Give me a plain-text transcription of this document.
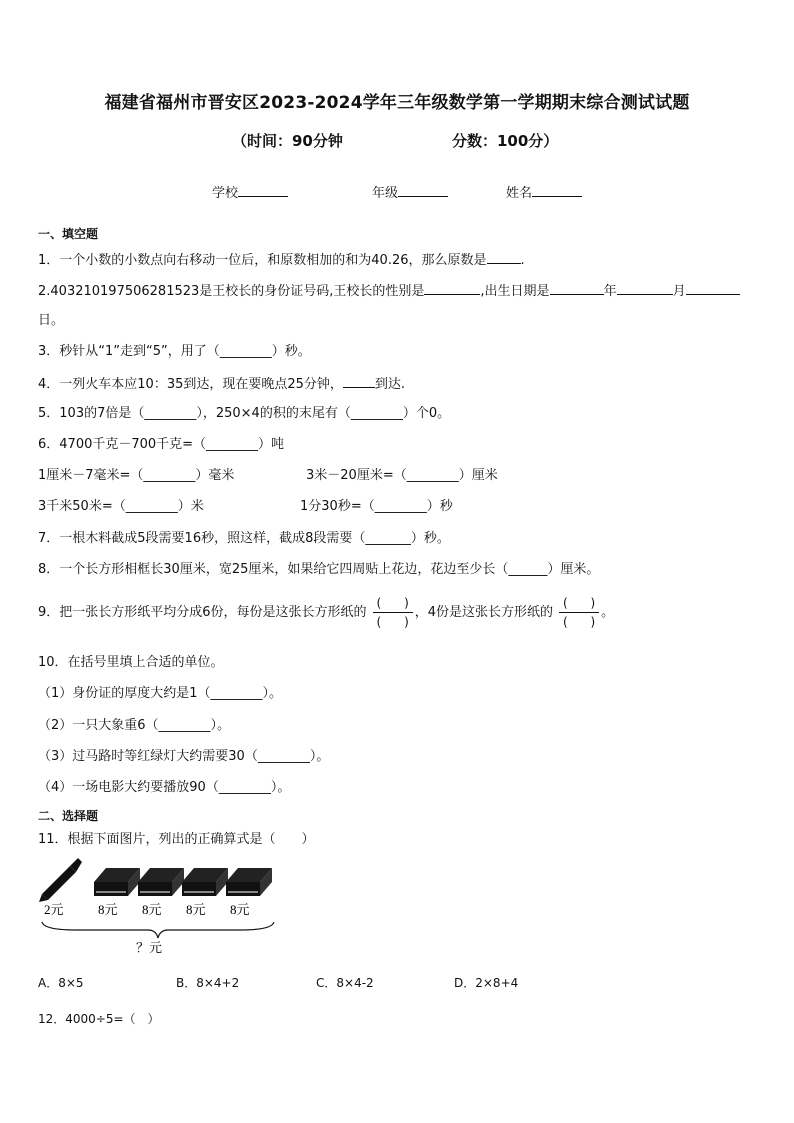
福建省福州市晋安区2023-2024学年三年级数学第一学期期末综合测试试题
（时间：90分钟	分数：100分）
学校	年级	姓名
一、填空题
1．一个小数的小数点向右移动一位后，和原数相加的和为40.26，那么原数是	.
2.403210197506281523是王校长的身份证号码,王校长的性别是	,出生日期是	年	月
日。
3．秒针从“1”走到“5”，用了（________）秒。
4．一列火车本应10：35到达，现在要晚点25分钟， 到达.
5．103的7倍是（________），250×4的积的末尾有（________）个0。
6．4700千克－700千克=（________）吨
1厘米－7毫米=（________）毫米	3米－20厘米=（________）厘米
3千米50米=（________）米	1分30秒=（________）秒
7．一根木料截成5段需要16秒，照这样，截成8段需要（_______）秒。
8．一个长方形相框长30厘米，宽25厘米，如果给它四周贴上花边，花边至少长（______）厘米。
9．把一张长方形纸平均分成6份，每份是这张长方形纸的 $\frac{( )}{( )}$ ，4份是这张长方形纸的 $\frac{( )}{( )}$ 。
10．在括号里填上合适的单位。
（1）身份证的厚度大约是1（________）。
（2）一只大象重6（________）。
（3）过马路时等红绿灯大约需要30（________）。
（4）一场电影大约要播放90（________）。
二、选择题
11．根据下面图片，列出的正确算式是（　　）
2元	8元 8元 8元 8元
？元
A．8×5	B．8×4+2	C．8×4-2	D．2×8+4
12．4000÷5=（　）
